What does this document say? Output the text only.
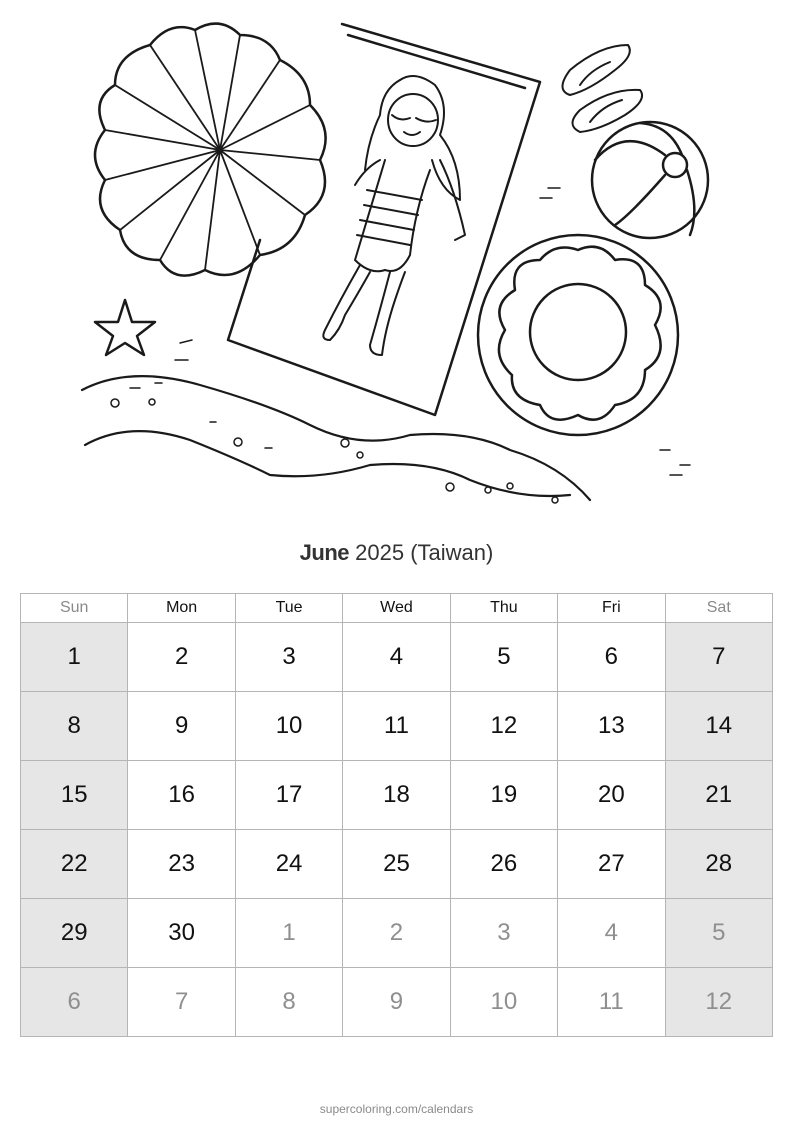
June 2025 (Taiwan)
Sun	Mon	Tue	Wed	Thu	Fri	Sat
1	2	3	4	5	6	7
8	9	10	11	12	13	14
15	16	17	18	19	20	21
22	23	24	25	26	27	28
29	30	1	2	3	4	5
6	7	8	9	10	11	12
supercoloring.com/calendars
